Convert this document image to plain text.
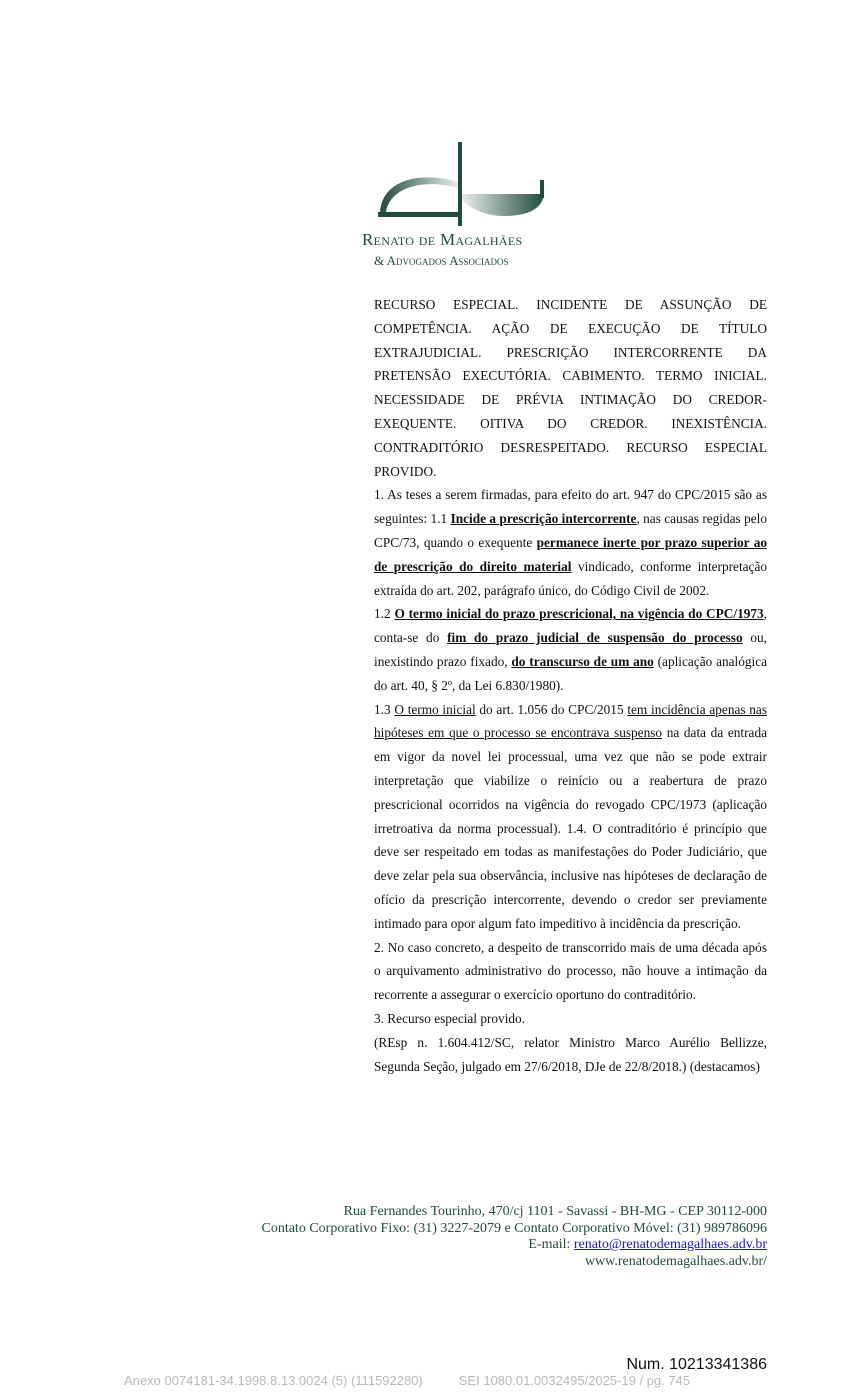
Renato de Magalhães
& Advogados Associados

RECURSO ESPECIAL. INCIDENTE DE ASSUNÇÃO DE COMPETÊNCIA. AÇÃO DE EXECUÇÃO DE TÍTULO EXTRAJUDICIAL. PRESCRIÇÃO INTERCORRENTE DA PRETENSÃO EXECUTÓRIA. CABIMENTO. TERMO INICIAL. NECESSIDADE DE PRÉVIA INTIMAÇÃO DO CREDOR-EXEQUENTE. OITIVA DO CREDOR. INEXISTÊNCIA. CONTRADITÓRIO DESRESPEITADO. RECURSO ESPECIAL PROVIDO.

1. As teses a serem firmadas, para efeito do art. 947 do CPC/2015 são as seguintes: 1.1 Incide a prescrição intercorrente, nas causas regidas pelo CPC/73, quando o exequente permanece inerte por prazo superior ao de prescrição do direito material vindicado, conforme interpretação extraída do art. 202, parágrafo único, do Código Civil de 2002.

1.2 O termo inicial do prazo prescricional, na vigência do CPC/1973, conta-se do fim do prazo judicial de suspensão do processo ou, inexistindo prazo fixado, do transcurso de um ano (aplicação analógica do art. 40, § 2º, da Lei 6.830/1980).

1.3 O termo inicial do art. 1.056 do CPC/2015 tem incidência apenas nas hipóteses em que o processo se encontrava suspenso na data da entrada em vigor da novel lei processual, uma vez que não se pode extrair interpretação que viabilize o reinício ou a reabertura de prazo prescricional ocorridos na vigência do revogado CPC/1973 (aplicação irretroativa da norma processual). 1.4. O contraditório é princípio que deve ser respeitado em todas as manifestações do Poder Judiciário, que deve zelar pela sua observância, inclusive nas hipóteses de declaração de ofício da prescrição intercorrente, devendo o credor ser previamente intimado para opor algum fato impeditivo à incidência da prescrição.

2. No caso concreto, a despeito de transcorrido mais de uma década após o arquivamento administrativo do processo, não houve a intimação da recorrente a assegurar o exercício oportuno do contraditório.

3. Recurso especial provido.

(REsp n. 1.604.412/SC, relator Ministro Marco Aurélio Bellizze, Segunda Seção, julgado em 27/6/2018, DJe de 22/8/2018.) (destacamos)

Rua Fernandes Tourinho, 470/cj 1101 - Savassi - BH-MG - CEP 30112-000
Contato Corporativo Fixo: (31) 3227-2079 e Contato Corporativo Móvel: (31) 989786096
E-mail: renato@renatodemagalhaes.adv.br
www.renatodemagalhaes.adv.br/
Num. 10213341386
Anexo 0074181-34.1998.8.13.0024 (5) (111592280)	SEI 1080.01.0032495/2025-19 / pg. 745
